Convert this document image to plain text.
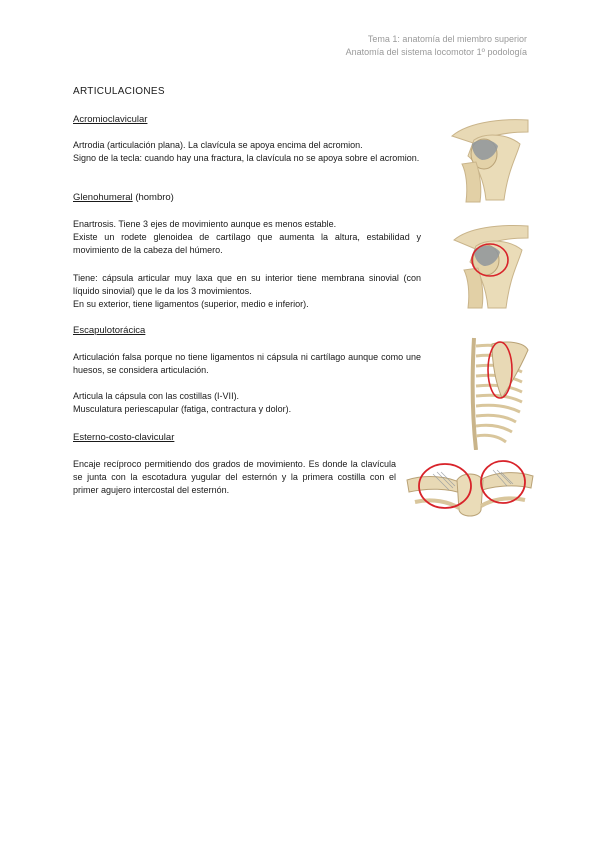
Tema 1: anatomía del miembro superior
Anatomía del sistema locomotor 1º podología
ARTICULACIONES
Acromioclavicular

Artrodia (articulación plana). La clavícula se apoya encima del acromion.

Signo de la tecla: cuando hay una fractura, la clavícula no se apoya sobre el acromion.

Glenohumeral (hombro)

Enartrosis. Tiene 3 ejes de movimiento aunque es menos estable.

Existe un rodete glenoidea de cartílago que aumenta la altura, estabilidad y movimiento de la cabeza del húmero.

Tiene: cápsula articular muy laxa que en su interior tiene membrana sinovial (con líquido sinovial) que le da los 3 movimientos.

En su exterior, tiene ligamentos (superior, medio e inferior).

Escapulotorácica

Articulación falsa porque no tiene ligamentos ni cápsula ni cartílago aunque como une huesos, se considera articulación.

Articula la cápsula con las costillas (I-VII).

Musculatura periescapular (fatiga, contractura y dolor).

Esterno-costo-clavicular

Encaje recíproco permitiendo dos grados de movimiento. Es donde la clavícula se junta con la escotadura yugular del esternón y la primera costilla con el primer agujero intercostal del esternón.
